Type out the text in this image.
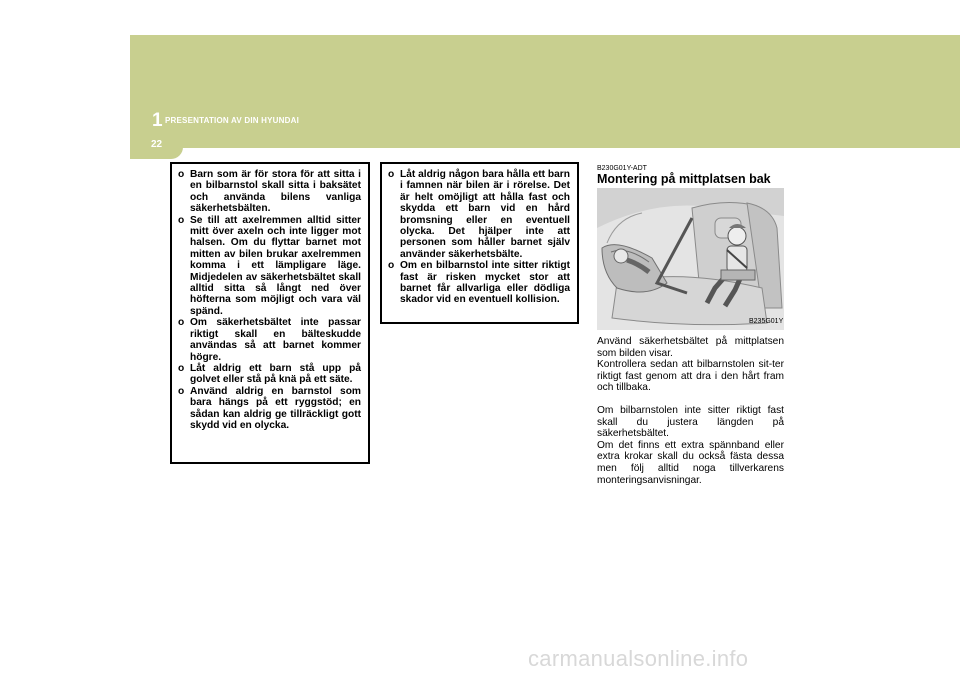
1 PRESENTATION AV DIN HYUNDAI
22
o Barn som är för stora för att sitta i en bilbarnstol skall sitta i baksätet och använda bilens vanliga säkerhetsbälten.
o Se till att axelremmen alltid sitter mitt över axeln och inte ligger mot halsen. Om du flyttar barnet mot mitten av bilen brukar axelremmen komma i ett lämpligare läge. Midjedelen av säkerhetsbältet skall alltid sitta så långt ned över höfterna som möjligt och vara väl spänd.
o Om säkerhetsbältet inte passar riktigt skall en bälteskudde användas så att barnet kommer högre.
o Låt aldrig ett barn stå upp på golvet eller stå på knä på ett säte.
o Använd aldrig en barnstol som bara hängs på ett ryggstöd; en sådan kan aldrig ge tillräckligt gott skydd vid en olycka.
o Låt aldrig någon bara hålla ett barn i famnen när bilen är i rörelse. Det är helt omöjligt att hålla fast och skydda ett barn vid en hård bromsning eller en eventuell olycka. Det hjälper inte att personen som håller barnet själv använder säkerhetsbälte.
o Om en bilbarnstol inte sitter riktigt fast är risken mycket stor att barnet får allvarliga eller dödliga skador vid en eventuell kollision.
B230G01Y-ADT
Montering på mittplatsen bak
B235G01Y

Använd säkerhetsbältet på mittplatsen som bilden visar.

Kontrollera sedan att bilbarnstolen sit-ter riktigt fast genom att dra i den hårt fram och tillbaka.

Om bilbarnstolen inte sitter riktigt fast skall du justera längden på säkerhetsbältet.

Om det finns ett extra spännband eller extra krokar skall du också fästa dessa men följ alltid noga tillverkarens monteringsanvisningar.

carmanualsonline.info
